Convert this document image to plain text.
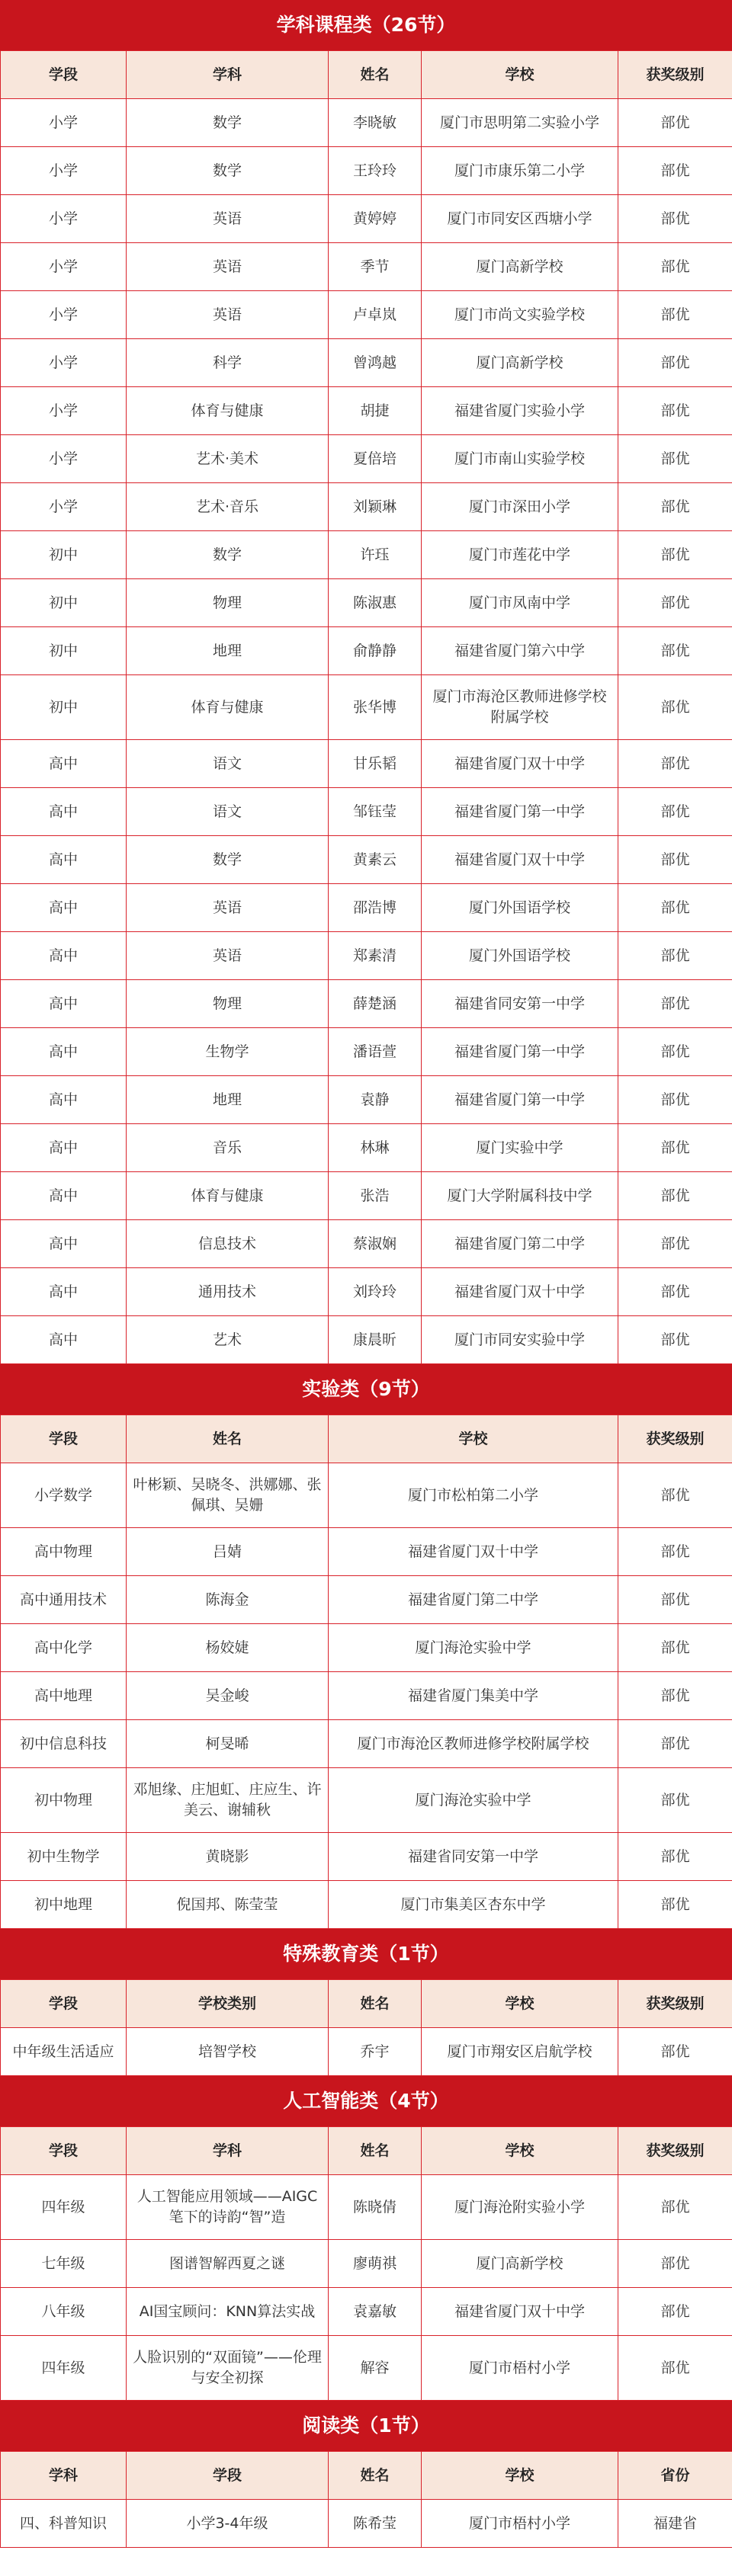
学科课程类（26节）
学段	学科	姓名	学校	获奖级别
小学	数学	李晓敏	厦门市思明第二实验小学	部优
小学	数学	王玲玲	厦门市康乐第二小学	部优
小学	英语	黄婷婷	厦门市同安区西塘小学	部优
小学	英语	季节	厦门高新学校	部优
小学	英语	卢卓岚	厦门市尚文实验学校	部优
小学	科学	曾鸿越	厦门高新学校	部优
小学	体育与健康	胡捷	福建省厦门实验小学	部优
小学	艺术·美术	夏倍培	厦门市南山实验学校	部优
小学	艺术·音乐	刘颖琳	厦门市深田小学	部优
初中	数学	许珏	厦门市莲花中学	部优
初中	物理	陈淑惠	厦门市凤南中学	部优
初中	地理	俞静静	福建省厦门第六中学	部优
初中	体育与健康	张华博	厦门市海沧区教师进修学校附属学校	部优
高中	语文	甘乐韬	福建省厦门双十中学	部优
高中	语文	邹钰莹	福建省厦门第一中学	部优
高中	数学	黄素云	福建省厦门双十中学	部优
高中	英语	邵浩博	厦门外国语学校	部优
高中	英语	郑素清	厦门外国语学校	部优
高中	物理	薛楚涵	福建省同安第一中学	部优
高中	生物学	潘语萱	福建省厦门第一中学	部优
高中	地理	袁静	福建省厦门第一中学	部优
高中	音乐	林琳	厦门实验中学	部优
高中	体育与健康	张浩	厦门大学附属科技中学	部优
高中	信息技术	蔡淑娴	福建省厦门第二中学	部优
高中	通用技术	刘玲玲	福建省厦门双十中学	部优
高中	艺术	康晨昕	厦门市同安实验中学	部优
实验类（9节）
学段	姓名	学校	获奖级别
小学数学	叶彬颖、吴晓冬、洪娜娜、张佩琪、吴姗	厦门市松柏第二小学	部优
高中物理	吕婧	福建省厦门双十中学	部优
高中通用技术	陈海金	福建省厦门第二中学	部优
高中化学	杨姣婕	厦门海沧实验中学	部优
高中地理	吴金峻	福建省厦门集美中学	部优
初中信息科技	柯旻晞	厦门市海沧区教师进修学校附属学校	部优
初中物理	邓旭缘、庄旭虹、庄应生、许美云、谢辅秋	厦门海沧实验中学	部优
初中生物学	黄晓影	福建省同安第一中学	部优
初中地理	倪国邦、陈莹莹	厦门市集美区杏东中学	部优
特殊教育类（1节）
学段	学校类别	姓名	学校	获奖级别
中年级生活适应	培智学校	乔宇	厦门市翔安区启航学校	部优
人工智能类（4节）
学段	学科	姓名	学校	获奖级别
四年级	人工智能应用领域——AIGC笔下的诗韵“智”造	陈晓倩	厦门海沧附实验小学	部优
七年级	图谱智解西夏之谜	廖萌祺	厦门高新学校	部优
八年级	AI国宝顾问：KNN算法实战	袁嘉敏	福建省厦门双十中学	部优
四年级	人脸识别的“双面镜”——伦理与安全初探	解容	厦门市梧村小学	部优
阅读类（1节）
学科	学段	姓名	学校	省份
四、科普知识	小学3-4年级	陈希莹	厦门市梧村小学	福建省
